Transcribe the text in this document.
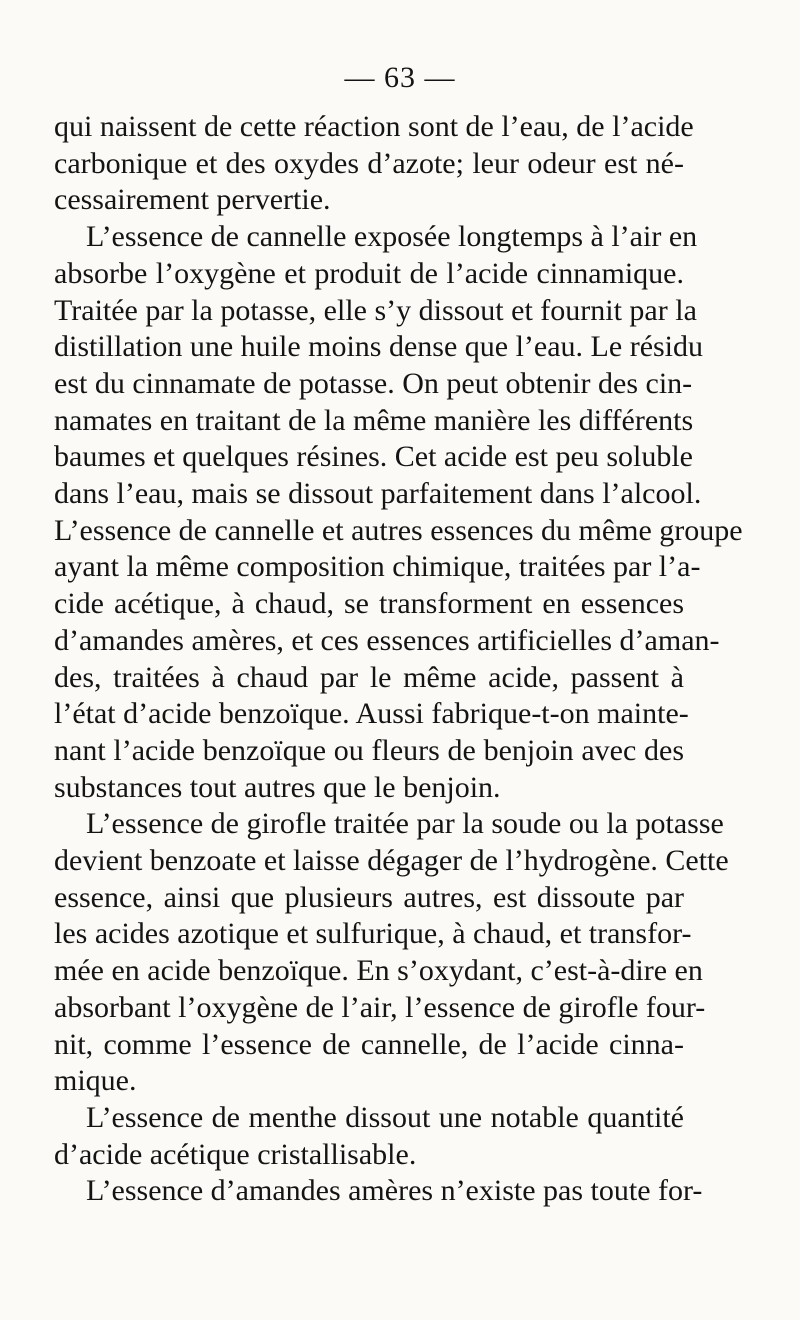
— 63 —
qui naissent de cette réaction sont de l’eau, de l’acide
carbonique et des oxydes d’azote; leur odeur est né-
cessairement pervertie.
L’essence de cannelle exposée longtemps à l’air en
absorbe l’oxygène et produit de l’acide cinnamique.
Traitée par la potasse, elle s’y dissout et fournit par la
distillation une huile moins dense que l’eau. Le résidu
est du cinnamate de potasse. On peut obtenir des cin-
namates en traitant de la même manière les différents
baumes et quelques résines. Cet acide est peu soluble
dans l’eau, mais se dissout parfaitement dans l’alcool.
L’essence de cannelle et autres essences du même groupe
ayant la même composition chimique, traitées par l’a-
cide acétique, à chaud, se transforment en essences
d’amandes amères, et ces essences artificielles d’aman-
des, traitées à chaud par le même acide, passent à
l’état d’acide benzoïque. Aussi fabrique-t-on mainte-
nant l’acide benzoïque ou fleurs de benjoin avec des
substances tout autres que le benjoin.
L’essence de girofle traitée par la soude ou la potasse
devient benzoate et laisse dégager de l’hydrogène. Cette
essence, ainsi que plusieurs autres, est dissoute par
les acides azotique et sulfurique, à chaud, et transfor-
mée en acide benzoïque. En s’oxydant, c’est-à-dire en
absorbant l’oxygène de l’air, l’essence de girofle four-
nit, comme l’essence de cannelle, de l’acide cinna-
mique.
L’essence de menthe dissout une notable quantité
d’acide acétique cristallisable.
L’essence d’amandes amères n’existe pas toute for-
